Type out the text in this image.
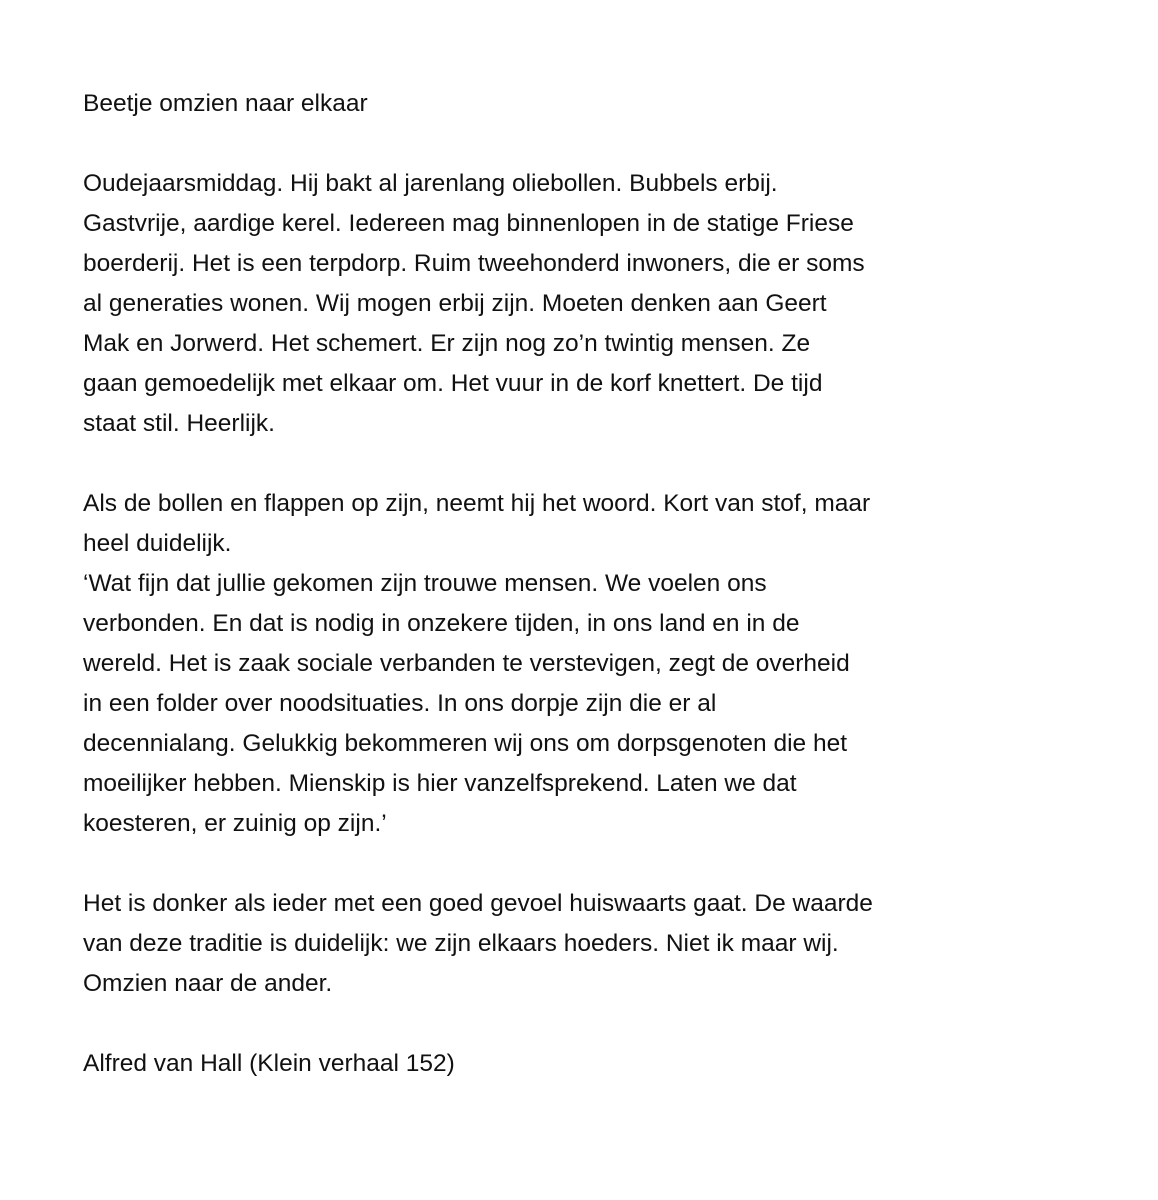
Beetje omzien naar elkaar
Oudejaarsmiddag. Hij bakt al jarenlang oliebollen. Bubbels erbij.
Gastvrije, aardige kerel. Iedereen mag binnenlopen in de statige Friese
boerderij. Het is een terpdorp. Ruim tweehonderd inwoners, die er soms
al generaties wonen. Wij mogen erbij zijn. Moeten denken aan Geert
Mak en Jorwerd. Het schemert. Er zijn nog zo’n twintig mensen. Ze
gaan gemoedelijk met elkaar om. Het vuur in de korf knettert. De tijd
staat stil. Heerlijk.
Als de bollen en flappen op zijn, neemt hij het woord. Kort van stof, maar
heel duidelijk.
‘Wat fijn dat jullie gekomen zijn trouwe mensen. We voelen ons
verbonden. En dat is nodig in onzekere tijden, in ons land en in de
wereld. Het is zaak sociale verbanden te verstevigen, zegt de overheid
in een folder over noodsituaties. In ons dorpje zijn die er al
decennialang. Gelukkig bekommeren wij ons om dorpsgenoten die het
moeilijker hebben. Mienskip is hier vanzelfsprekend. Laten we dat
koesteren, er zuinig op zijn.’
Het is donker als ieder met een goed gevoel huiswaarts gaat. De waarde
van deze traditie is duidelijk: we zijn elkaars hoeders. Niet ik maar wij.
Omzien naar de ander.
Alfred van Hall (Klein verhaal 152)
